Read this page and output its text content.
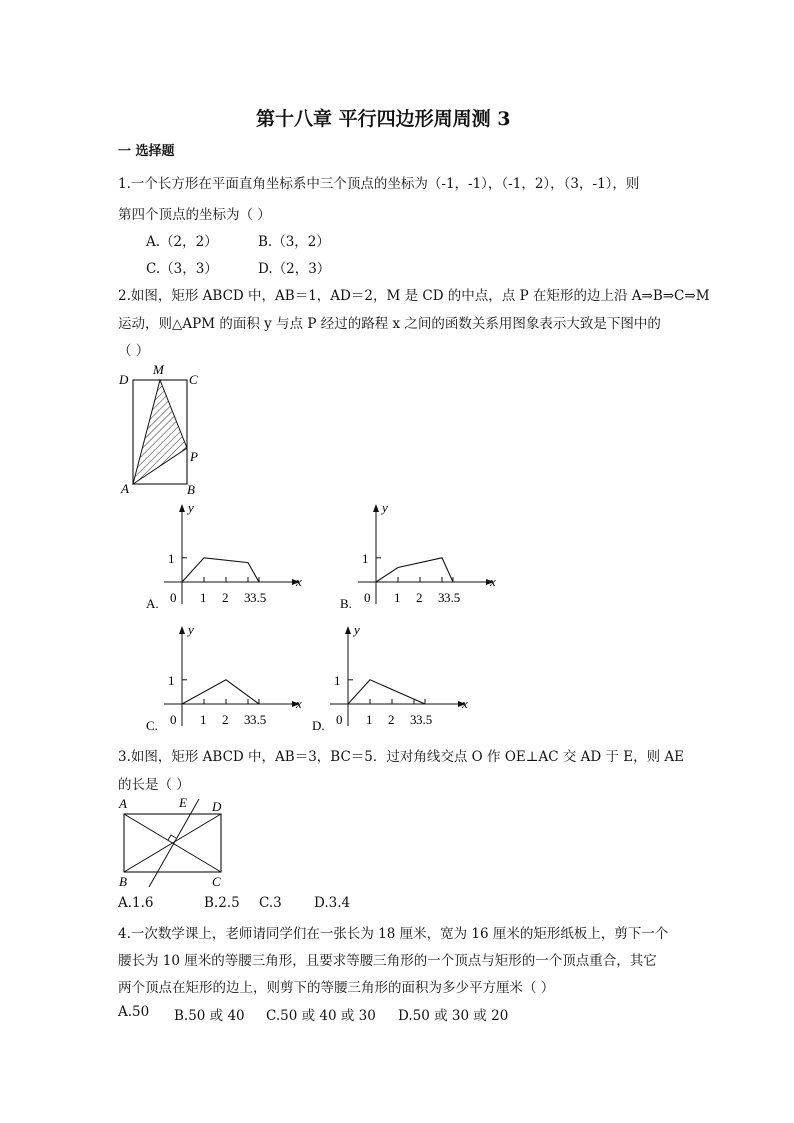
第十八章 平行四边形周周测 3
一 选择题
1.一个长方形在平面直角坐标系中三个顶点的坐标为（-1，-1），（-1，2），（3，-1），则
第四个顶点的坐标为（ ）
A.（2，2）	B.（3，2）
C.（3，3）	D.（2，3）
2.如图，矩形 ABCD 中，AB＝1，AD＝2，M 是 CD 的中点，点 P 在矩形的边上沿 A⇒B⇒C⇒M
运动，则△APM 的面积 y 与点 P 经过的路程 x 之间的函数关系用图象表示大致是下图中的
（ ）
D
M
C
P
A	B
y
x
0
1
1 2 3 3.5
A.
y
x
0
1
1 2 3 3.5
B.
y
x
0
1
1 2 3 3.5
C.
y
x
0
1
1 2 3 3.5
D.
3.如图，矩形 ABCD 中，AB＝3，BC＝5．过对角线交点 O 作 OE⊥AC 交 AD 于 E，则 AE
的长是（ ）
A	E D
B	C
A.1.6	B.2.5 C.3 D.3.4
4.一次数学课上，老师请同学们在一张长为 18 厘米，宽为 16 厘米的矩形纸板上，剪下一个
腰长为 10 厘米的等腰三角形，且要求等腰三角形的一个顶点与矩形的一个顶点重合，其它
两个顶点在矩形的边上，则剪下的等腰三角形的面积为多少平方厘米（ ）
A.50 B.50 或 40 C.50 或 40 或 30 D.50 或 30 或 20
